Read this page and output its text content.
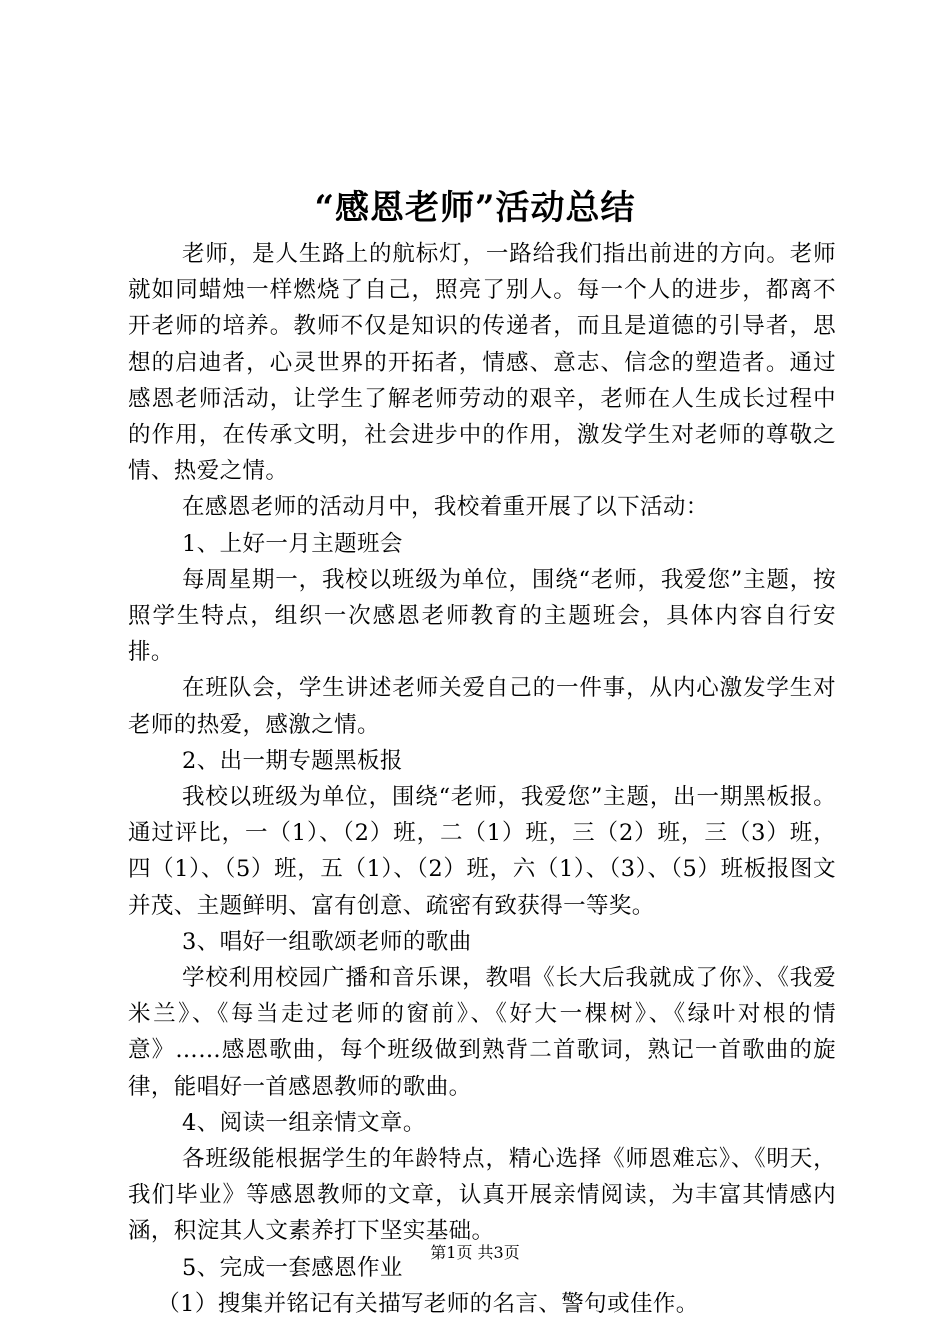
“感恩老师”活动总结

老师，是人生路上的航标灯，一路给我们指出前进的方向。老师就如同蜡烛一样燃烧了自己，照亮了别人。每一个人的进步，都离不开老师的培养。教师不仅是知识的传递者，而且是道德的引导者，思想的启迪者，心灵世界的开拓者，情感、意志、信念的塑造者。通过感恩老师活动，让学生了解老师劳动的艰辛，老师在人生成长过程中的作用，在传承文明，社会进步中的作用，激发学生对老师的尊敬之情、热爱之情。

在感恩老师的活动月中，我校着重开展了以下活动：

1、上好一月主题班会

每周星期一，我校以班级为单位，围绕“老师，我爱您”主题，按照学生特点，组织一次感恩老师教育的主题班会，具体内容自行安排。

在班队会，学生讲述老师关爱自己的一件事，从内心激发学生对老师的热爱，感激之情。

2、出一期专题黑板报

我校以班级为单位，围绕“老师，我爱您”主题，出一期黑板报。通过评比，一（1）、（2）班，二（1）班，三（2）班，三（3）班，四（1）、（5）班，五（1）、（2）班，六（1）、（3）、（5）班板报图文并茂、主题鲜明、富有创意、疏密有致获得一等奖。

3、唱好一组歌颂老师的歌曲

学校利用校园广播和音乐课，教唱《长大后我就成了你》、《我爱米兰》、《每当走过老师的窗前》、《好大一棵树》、《绿叶对根的情意》……感恩歌曲，每个班级做到熟背二首歌词，熟记一首歌曲的旋律，能唱好一首感恩教师的歌曲。

4、阅读一组亲情文章。

各班级能根据学生的年龄特点，精心选择《师恩难忘》、《明天，我们毕业》等感恩教师的文章，认真开展亲情阅读，为丰富其情感内涵，积淀其人文素养打下坚实基础。

5、完成一套感恩作业

（1）搜集并铭记有关描写老师的名言、警句或佳作。

第1页 共3页
